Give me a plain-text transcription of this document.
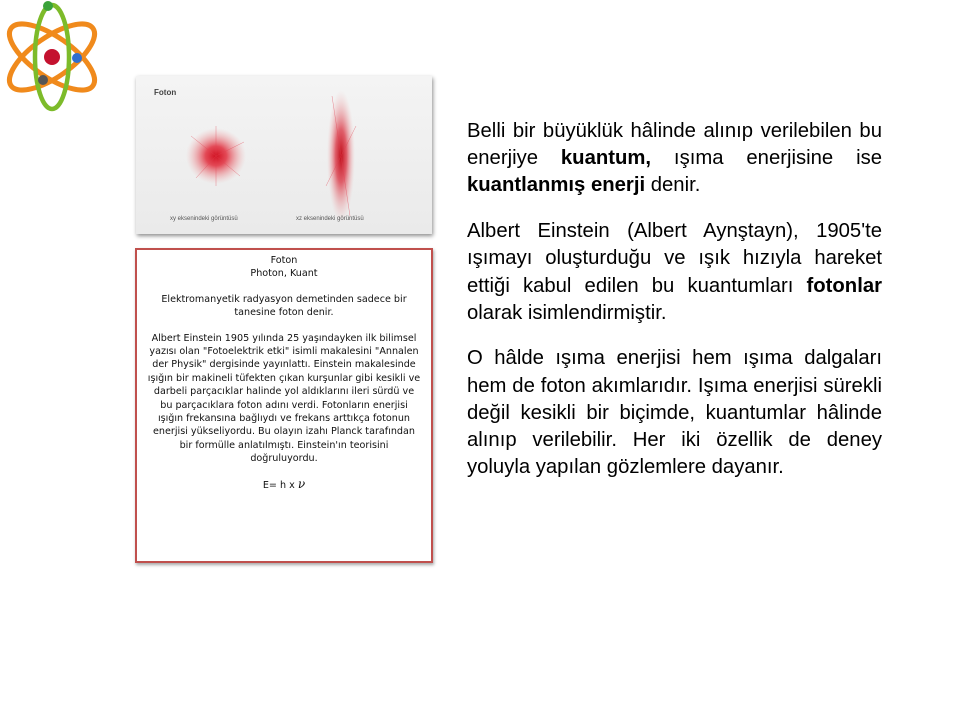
Foton
xy eksenindeki görüntüsü	xz eksenindeki görüntüsü

Foton

Photon, Kuant

Elektromanyetik radyasyon demetinden sadece bir tanesine foton denir.

Albert Einstein 1905 yılında 25 yaşındayken ilk bilimsel yazısı olan "Fotoelektrik etki" isimli makalesini "Annalen der Physik" dergisinde yayınlattı. Einstein makalesinde ışığın bir makineli tüfekten çıkan kurşunlar gibi kesikli ve darbeli parçacıklar halinde yol aldıklarını ileri sürdü ve bu parçacıklara foton adını verdi. Fotonların enerjisi ışığın frekansına bağlıydı ve frekans arttıkça fotonun enerjisi yükseliyordu. Bu olayın izahı Planck tarafından bir formülle anlatılmıştı. Einstein'ın teorisini doğruluyordu.

E= h x ν

Belli bir büyüklük hâlinde alınıp verilebilen bu enerjiye kuantum, ışıma enerjisine ise kuantlanmış enerji denir.

Albert Einstein (Albert Aynştayn), 1905'te ışımayı oluşturduğu ve ışık hızıyla hareket ettiği kabul edilen bu kuantumları fotonlar olarak isimlendirmiştir.

O hâlde ışıma enerjisi hem ışıma dalgaları hem de foton akımlarıdır. Işıma enerjisi sürekli değil kesikli bir biçimde, kuantumlar hâlinde alınıp verilebilir. Her iki özellik de deney yoluyla yapılan gözlemlere dayanır.
